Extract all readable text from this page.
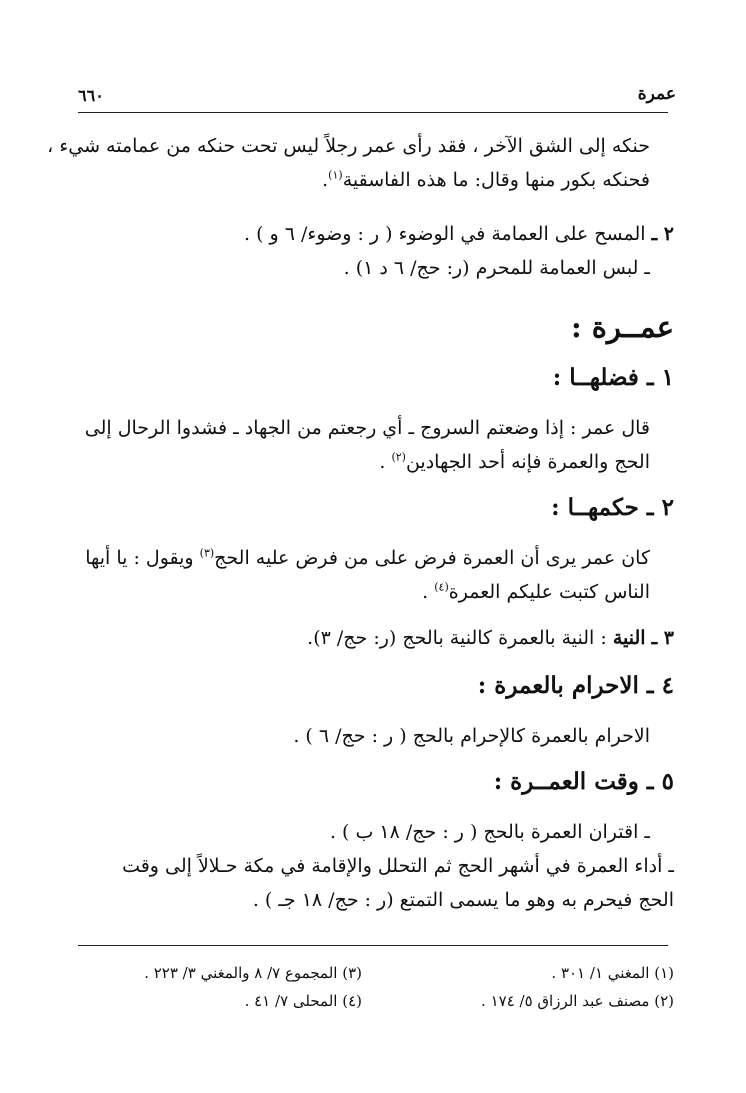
عمرة
٦٦٠
حنكه إلى الشق الآخر ، فقد رأى عمر رجلاً ليس تحت حنكه من عمامته شيء ،
فحنكه بكور منها وقال: ما هذه الفاسقية$^{(١)}$.
٢ ـ المسح على العمامة في الوضوء ( ر : وضوء/ ٦ و ) .
ـ لبس العمامة للمحرم (ر: حج/ ٦ د ١) .
عمــرة :
١ ـ فضلهــا :
قال عمر : إذا وضعتم السروج ـ أي رجعتم من الجهاد ـ فشدوا الرحال إلى
الحج والعمرة فإنه أحد الجهادين$^{(٢)}$ .
٢ ـ حكمهــا :
كان عمر يرى أن العمرة فرض على من فرض عليه الحج$^{(٣)}$ ويقول : يا أيها
الناس كتبت عليكم العمرة$^{(٤)}$ .
٣ ـ النية : النية بالعمرة كالنية بالحج (ر: حج/ ٣).
٤ ـ الاحرام بالعمرة :
الاحرام بالعمرة كالإحرام بالحج ( ر : حج/ ٦ ) .
٥ ـ وقت العمــرة :
ـ اقتران العمرة بالحج ( ر : حج/ ١٨ ب ) .
ـ أداء العمرة في أشهر الحج ثم التحلل والإقامة في مكة حـلالاً إلى وقت
الحج فيحرم به وهو ما يسمى التمتع (ر : حج/ ١٨ جـ ) .
(١) المغني ١/ ٣٠١ .
(٢) مصنف عبد الرزاق ٥/ ١٧٤ .
(٣) المجموع ٧/ ٨ والمغني ٣/ ٢٢٣ .
(٤) المحلى ٧/ ٤١ .
